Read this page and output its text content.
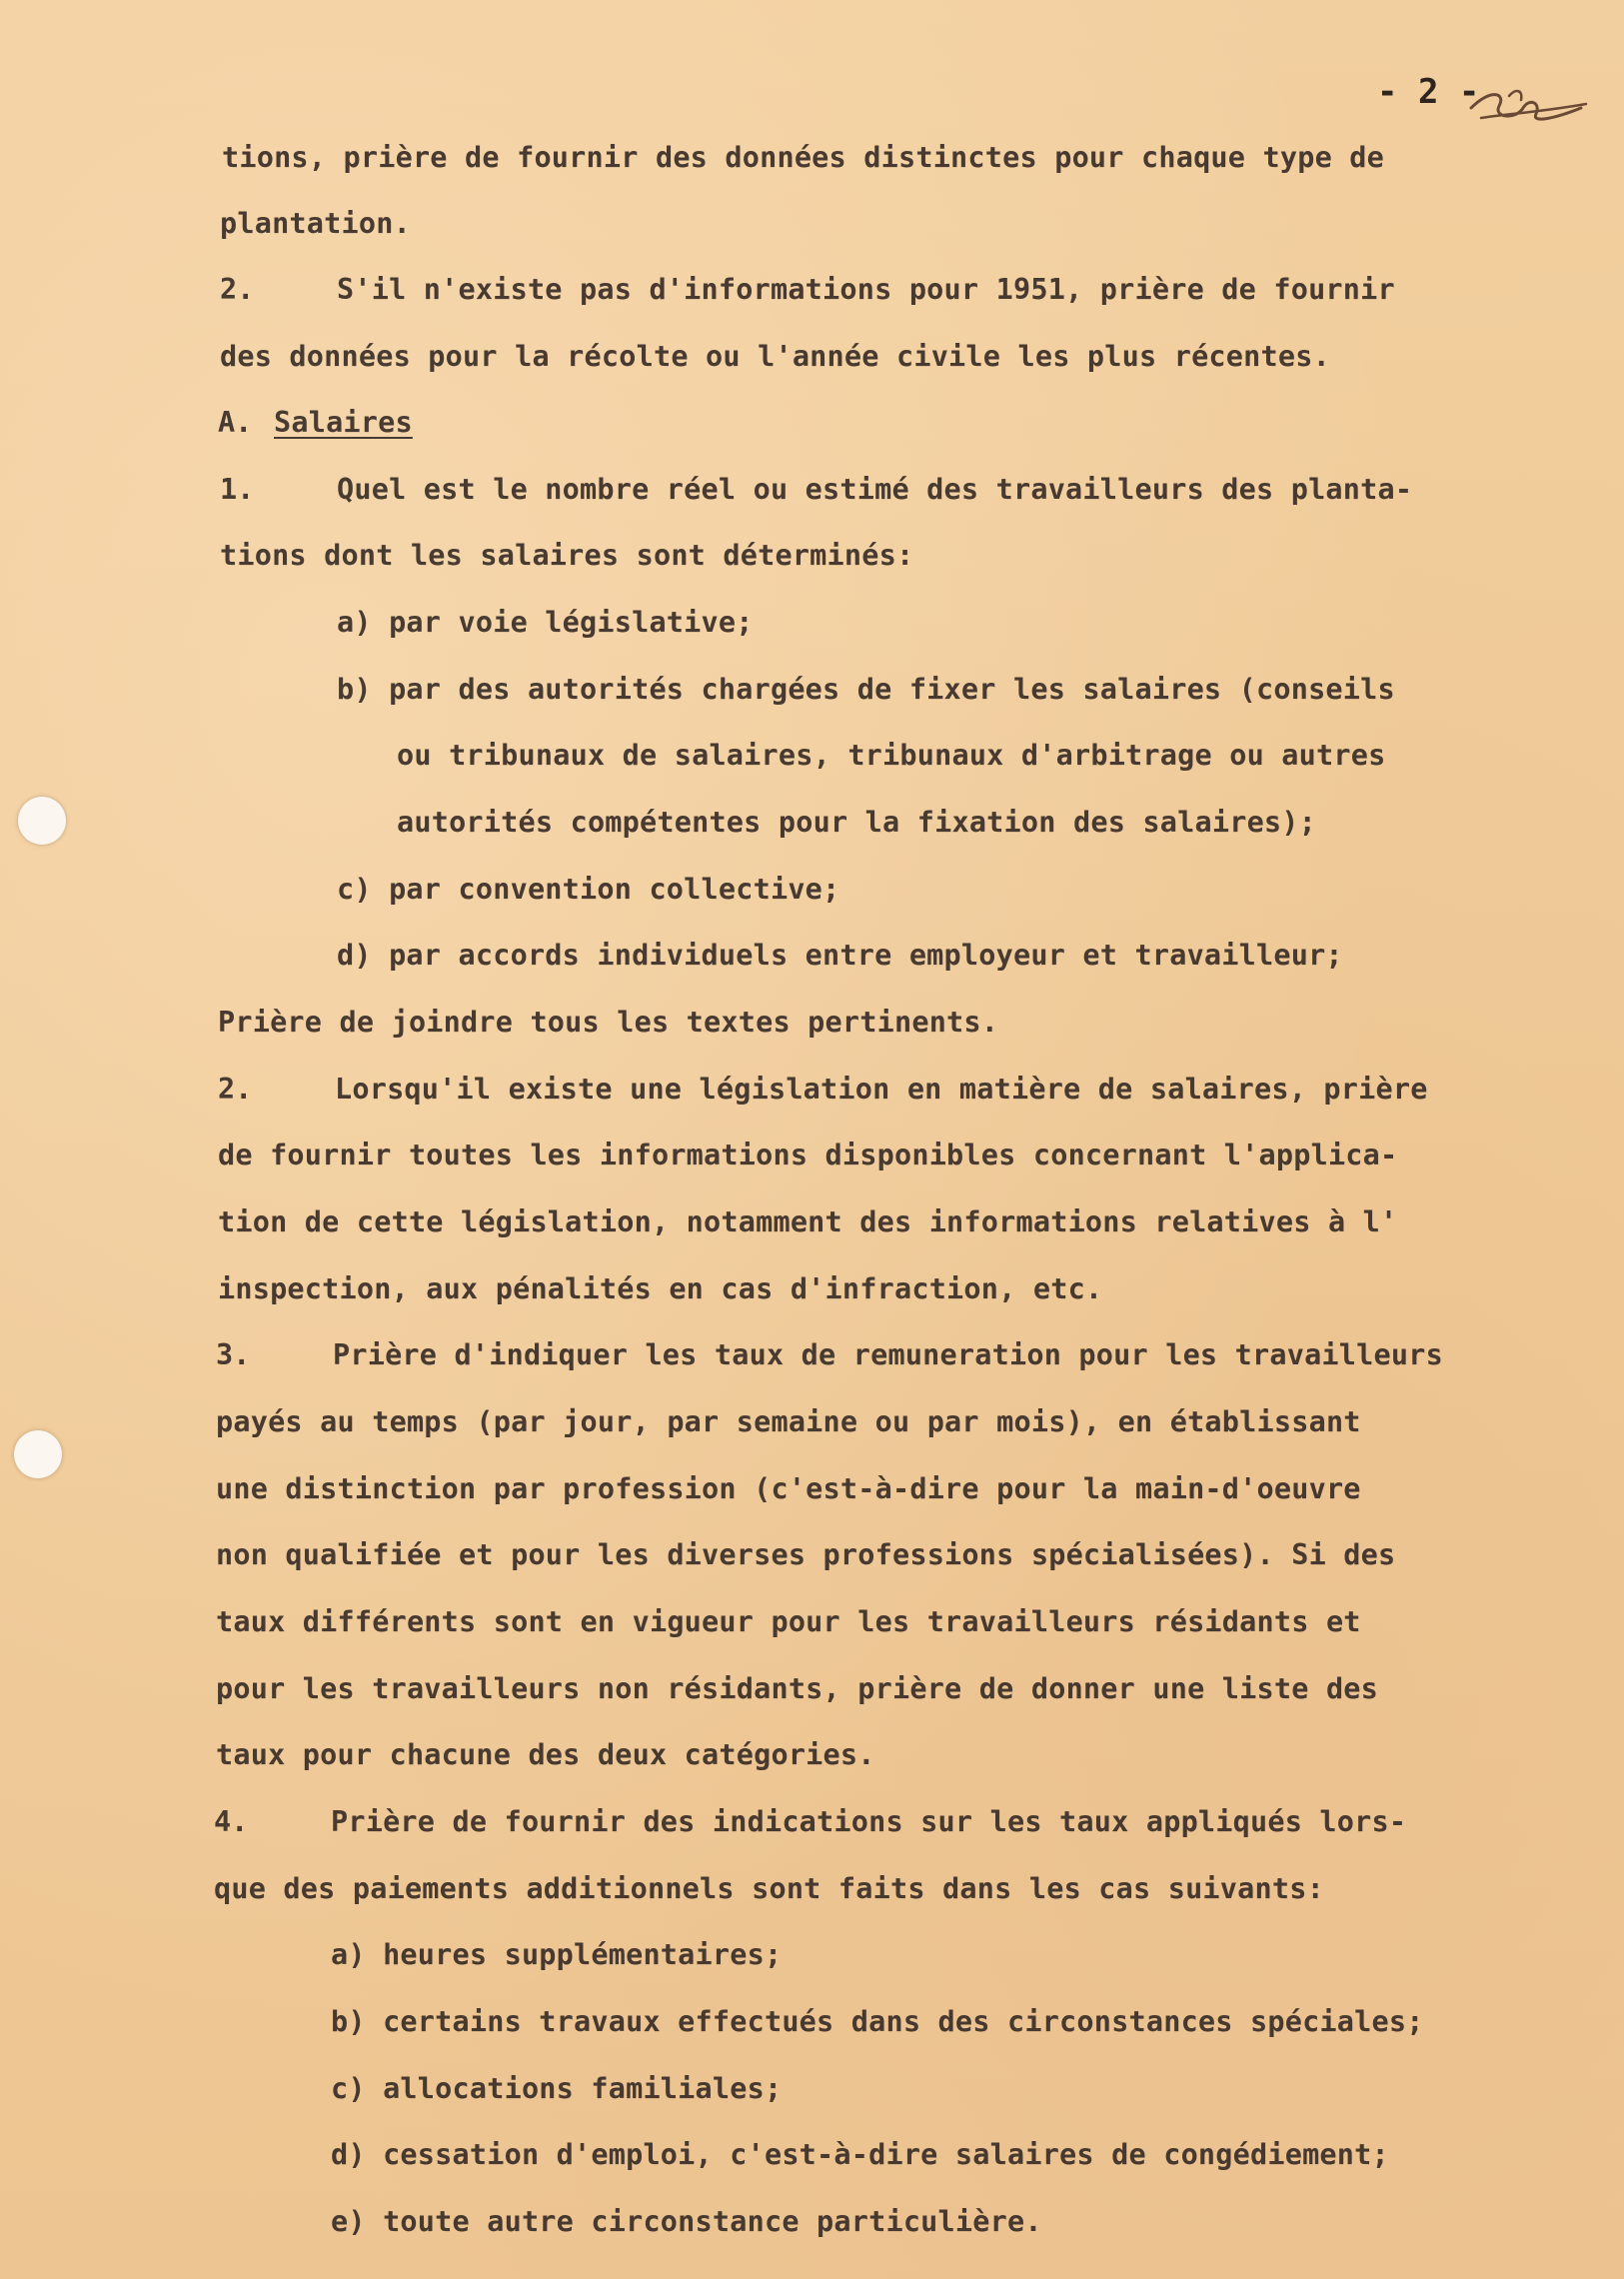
- 2 -
tions, prière de fournir des données distinctes pour chaque type de
plantation.
2.	S'il n'existe pas d'informations pour 1951, prière de fournir
des données pour la récolte ou l'année civile les plus récentes.
A. Salaires
1.	Quel est le nombre réel ou estimé des travailleurs des planta-
tions dont les salaires sont déterminés:
a) par voie législative;
b) par des autorités chargées de fixer les salaires (conseils
ou tribunaux de salaires, tribunaux d'arbitrage ou autres
autorités compétentes pour la fixation des salaires);
c) par convention collective;
d) par accords individuels entre employeur et travailleur;
Prière de joindre tous les textes pertinents.
2.	Lorsqu'il existe une législation en matière de salaires, prière
de fournir toutes les informations disponibles concernant l'applica-
tion de cette législation, notamment des informations relatives à l'
inspection, aux pénalités en cas d'infraction, etc.
3.	Prière d'indiquer les taux de remuneration pour les travailleurs
payés au temps (par jour, par semaine ou par mois), en établissant
une distinction par profession (c'est-à-dire pour la main-d'oeuvre
non qualifiée et pour les diverses professions spécialisées). Si des
taux différents sont en vigueur pour les travailleurs résidants et
pour les travailleurs non résidants, prière de donner une liste des
taux pour chacune des deux catégories.
4.	Prière de fournir des indications sur les taux appliqués lors-
que des paiements additionnels sont faits dans les cas suivants:
a) heures supplémentaires;
b) certains travaux effectués dans des circonstances spéciales;
c) allocations familiales;
d) cessation d'emploi, c'est-à-dire salaires de congédiement;
e) toute autre circonstance particulière.
